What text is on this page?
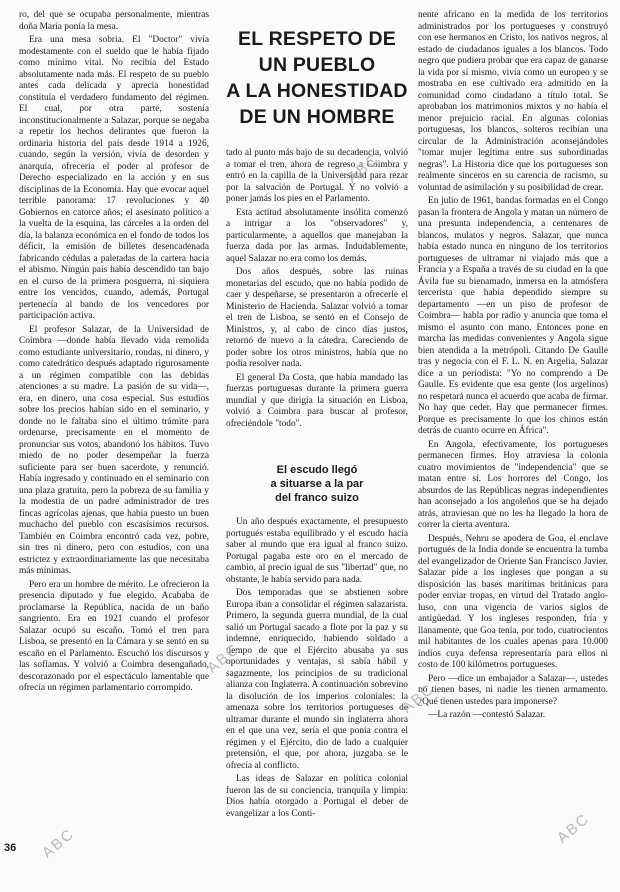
ro, del que se ocupaba personalmente, mientras doña María ponía la mesa.

Era una mesa sobria. El "Doctor" vivía modestamente con el sueldo que le había fijado como mínimo vital. No recibía del Estado absolutamente nada más. El respeto de su pueblo antes cada delicada y aprecia honestidad constituía el verdadero fundamento del régimen. El cual, por otra parte, sostenía inconstitucionalmente a Salazar, porque se negaba a repetir los hechos delirantes que fueron la ordinaria historia del país desde 1914 a 1926, cuando, según la versión, vivía de desorden y anarquía, ofrecería el poder al profesor de Derecho especializado en la acción y en sus disciplinas de la Economía. Hay que evocar aquel terrible panorama: 17 revoluciones y 40 Gobiernos en catorce años; el asesinato político a la vuelta de la esquina, las cárceles a la orden del día, la balanza económica en el fondo de todos los déficit, la emisión de billetes desencadenada fabricando cédulas a paletadas de la cartera hacia el abismo. Ningún país había descendido tan bajo en el curso de la primera posguerra, ni siquiera entre los vencidos, cuando, además, Portugal pertenecía al bando de los vencedores por participación activa.

El profesor Salazar, de la Universidad de Coimbra —donde había llevado vida remolida como estudiante universitario, rondas, ni dinero, y como catedrático después adaptado rigurosamente a un régimen compatible con las debidas atenciones a su madre. La pasión de su vida—, era, en dinero, una cosa especial. Sus estudios sobre los precios habían sido en el seminario, y donde no le faltaba sino el último trámite para ordenarse, precisamente en el momento de pronunciar sus votos, abandonó los hábitos. Tuvo miedo de no poder desempeñar la fuerza suficiente para ser buen sacerdote, y renunció. Había ingresado y continuado en el seminario con una plaza gratuita, pero la pobreza de su familia y la modestia de un padre administrador de tres fincas agrícolas ajenas, que había puesto un buen muchacho del pueblo con escasísimos recursos. También en Coimbra encontró cada vez, pobre, sin tres ni dinero, pero con estudios, con una estrictez y extraordinariamente las que necesitaba más mínimas.

Pero era un hombre de mérito. Le ofrecieron la presencia diputado y fue elegido. Acababa de proclamarse la República, nacida de un baño sangriento. Era en 1921 cuando el profesor Salazar ocupó su escaño. Tomó el tren para Lisboa, se presentó en la Cámara y se sentó en su escaño en el Parlamento. Escuchó los discursos y las soflamas. Y volvió a Coimbra desengañado, descorazonado por el espectáculo lamentable que ofrecía un régimen parlamentario corrompido.

EL RESPETO DE
UN PUEBLO
A LA HONESTIDAD
DE UN HOMBRE

tado al punto más bajo de su decadencia, volvió a tomar el tren, ahora de regreso a Coimbra y entró en la capilla de la Universidad para rezar por la salvación de Portugal. Y no volvió a poner jamás los pies en el Parlamento.

Esta actitud absolutamente insólita comenzó a intrigar a los "observadores" y, particularmente, a aquellos que manejaban la fuerza dada por las armas. Indudablemente, aquel Salazar no era como los demás.

Dos años después, sobre las ruinas monetarias del escudo, que no había podido de caer y despeñarse, se presentaron a ofrecerle el Ministerio de Hacienda. Salazar volvió a tomar el tren de Lisboa, se sentó en el Consejo de Ministros, y, al cabo de cinco días justos, retornó de nuevo a la cátedra. Careciendo de poder sobre los otros ministros, había que no podía resolver nada.

El general Da Costa, que había mandado las fuerzas portuguesas durante la primera guerra mundial y que dirigía la situación en Lisboa, volvió a Coimbra para buscar al profesor, ofreciéndole "todo".

El escudo llegó
a situarse a la par
del franco suizo

Un año después exactamente, el presupuesto portugués estaba equilibrado y el escudo hacía saber al mundo que era igual al franco suizo. Portugal pagaba este oro en el mercado de cambio, al precio igual de sus "libertad" que, no obstante, le había servido para nada.

Dos temporadas que se abstienen sobre Europa iban a consolidar el régimen salazarista. Primero, la segunda guerra mundial, de la cual salió un Portugal sacado a flote por la paz y su indemne, enriquecido, habiendo soldado a tiempo de que el Ejército abusaba ya sus oportunidades y ventajas, si sabía hábil y sagazmente, los principios de su tradicional alianza con Inglaterra. A continuación sobrevino la disolución de los imperios coloniales: la amenaza sobre los territorios portugueses de ultramar durante el mundo sin inglaterra ahora en el que una vez, sería el que ponía contra el régimen y el Ejército, dio de lado a cualquier pretensión, el que, por ahora, juzgaba se le ofrecía al conflicto.

Las ideas de Salazar en política colonial fueron las de su conciencia, tranquila y limpia: Dios había otorgado a Portugal el deber de evangelizar a los Conti-

nente africano en la medida de los territorios administrados por los portugueses y construyó con ese hermanos en Cristo, los nativos negros, al estado de ciudadanos iguales a los blancos. Todo negro que pudiera probar que era capaz de ganarse la vida por sí mismo, vivía como un europeo y se mostraba en ese cultivado era admitido en la comunidad como ciudadano a título total. Se aprobaban los matrimonios mixtos y no había el menor prejuicio racial. En algunas colonias portuguesas, los blancos, solteros recibían una circular de la Administración aconsejándoles "tomar mujer legítima entre sus subordinadas negras". La Historia dice que los portugueses son realmente sinceros en su carencia de racismo, su voluntad de asimilación y su posibilidad de crear.

En julio de 1961, bandas formadas en el Congo pasan la frontera de Angola y matan un número de una presunta independencia, a centenares de blancos, mulatos y negros. Salazar, que nunca había estado nunca en ninguno de los territorios portugueses de ultramar ni viajado más que a Francia y a España a través de su ciudad en la que Ávila fue su bienamado, inmersa en la atmósfera tercerista que había dependido siempre su departamento —en un piso de profesor de Coimbra— habla por radio y anuncia que toma el mismo el asunto con mano. Entonces pone en marcha las medidas convenientes y Angola sigue bien atendida a la metrópoli. Citando De Gaulle tras y negocia con el F. L. N. en Argelia, Salazar dice a un periodista: "Yo no comprendo a De Gaulle. Es evidente que esa gente (los argelinos) no respetará nunca el acuerdo que acaba de firmar. No hay que ceder. Hay que permanecer firmes. Porque es precisamente lo que los chinos están detrás de cuanto ocurre en África".

En Angola, efectivamente, los portugueses permanecen firmes. Hoy atraviesa la colonia cuatro movimientos de "independencia" que se matan entre sí. Los horrores del Congo, los absurdos de las Repúblicas negras independientes han aconsejado a los angoleños que se ha dejado atrás, atraviesan que no les ha llegado la hora de correr la cierta aventura.

Después, Nehru se apodera de Goa, el enclave portugués de la India donde se encuentra la tumba del evangelizador de Oriente San Francisco Javier. Salazar pide a los ingleses que pongan a su disposición las bases marítimas británicas para poder enviar tropas, en virtud del Tratado anglo-luso, con una vigencia de varios siglos de antigüedad. Y los ingleses responden, fría y llanamente, que Goa tenía, por todo, cuatrocientos mil habitantes de los cuales apenas para 10.000 indios cuya defensa representaría para ellos ni costo de 100 kilómetros portugueses.

Pero —dice un embajador a Salazar—, ustedes no tienen bases, ni nadie les tienen armamento. ¿Qué tienen ustedes para imponerse?

—La razón —contestó Salazar.

36 ABC
ABC
ABC
ABC
ABC
